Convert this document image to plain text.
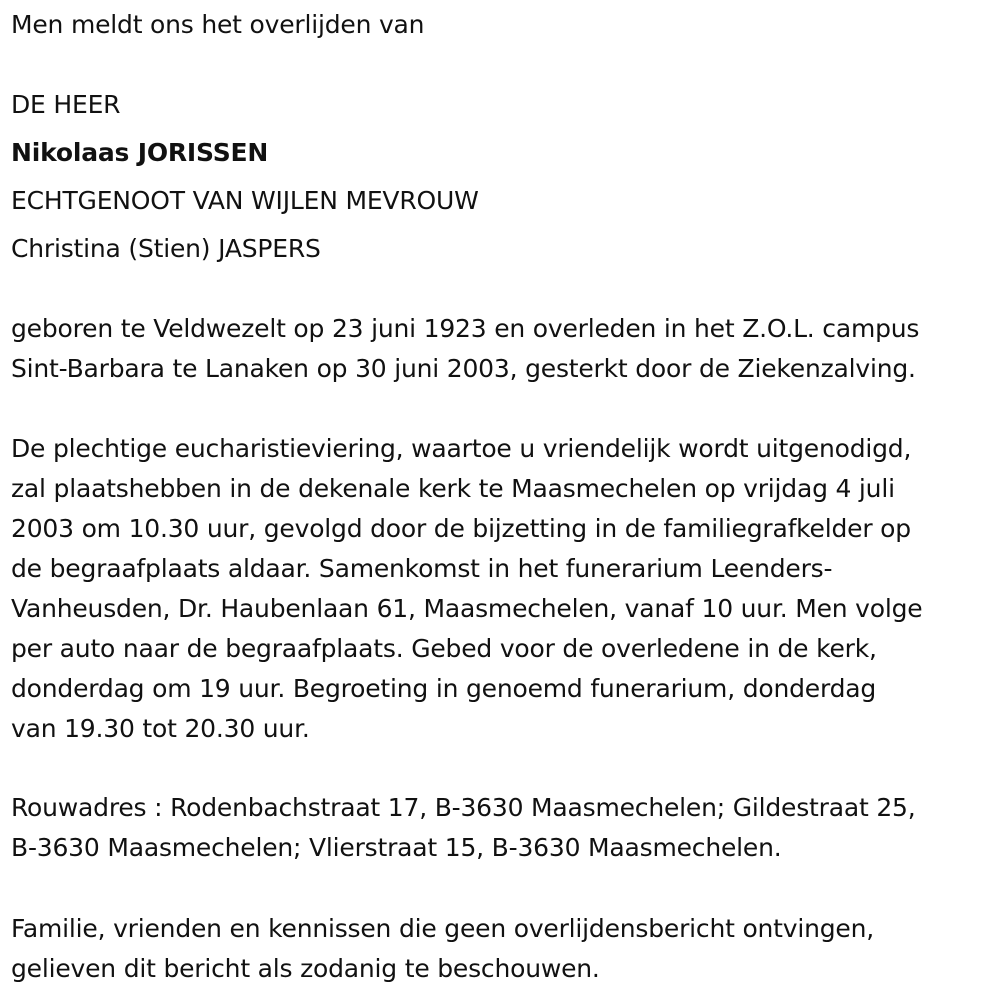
Men meldt ons het overlijden van

DE HEER

Nikolaas JORISSEN

ECHTGENOOT VAN WIJLEN MEVROUW

Christina (Stien) JASPERS

geboren te Veldwezelt op 23 juni 1923 en overleden in het Z.O.L. campus

Sint-Barbara te Lanaken op 30 juni 2003, gesterkt door de Ziekenzalving.

De plechtige eucharistieviering, waartoe u vriendelijk wordt uitgenodigd,

zal plaatshebben in de dekenale kerk te Maasmechelen op vrijdag 4 juli

2003 om 10.30 uur, gevolgd door de bijzetting in de familiegrafkelder op

de begraafplaats aldaar. Samenkomst in het funerarium Leenders-

Vanheusden, Dr. Haubenlaan 61, Maasmechelen, vanaf 10 uur. Men volge

per auto naar de begraafplaats. Gebed voor de overledene in de kerk,

donderdag om 19 uur. Begroeting in genoemd funerarium, donderdag

van 19.30 tot 20.30 uur.

Rouwadres : Rodenbachstraat 17, B-3630 Maasmechelen; Gildestraat 25,

B-3630 Maasmechelen; Vlierstraat 15, B-3630 Maasmechelen.

Familie, vrienden en kennissen die geen overlijdensbericht ontvingen,

gelieven dit bericht als zodanig te beschouwen.
